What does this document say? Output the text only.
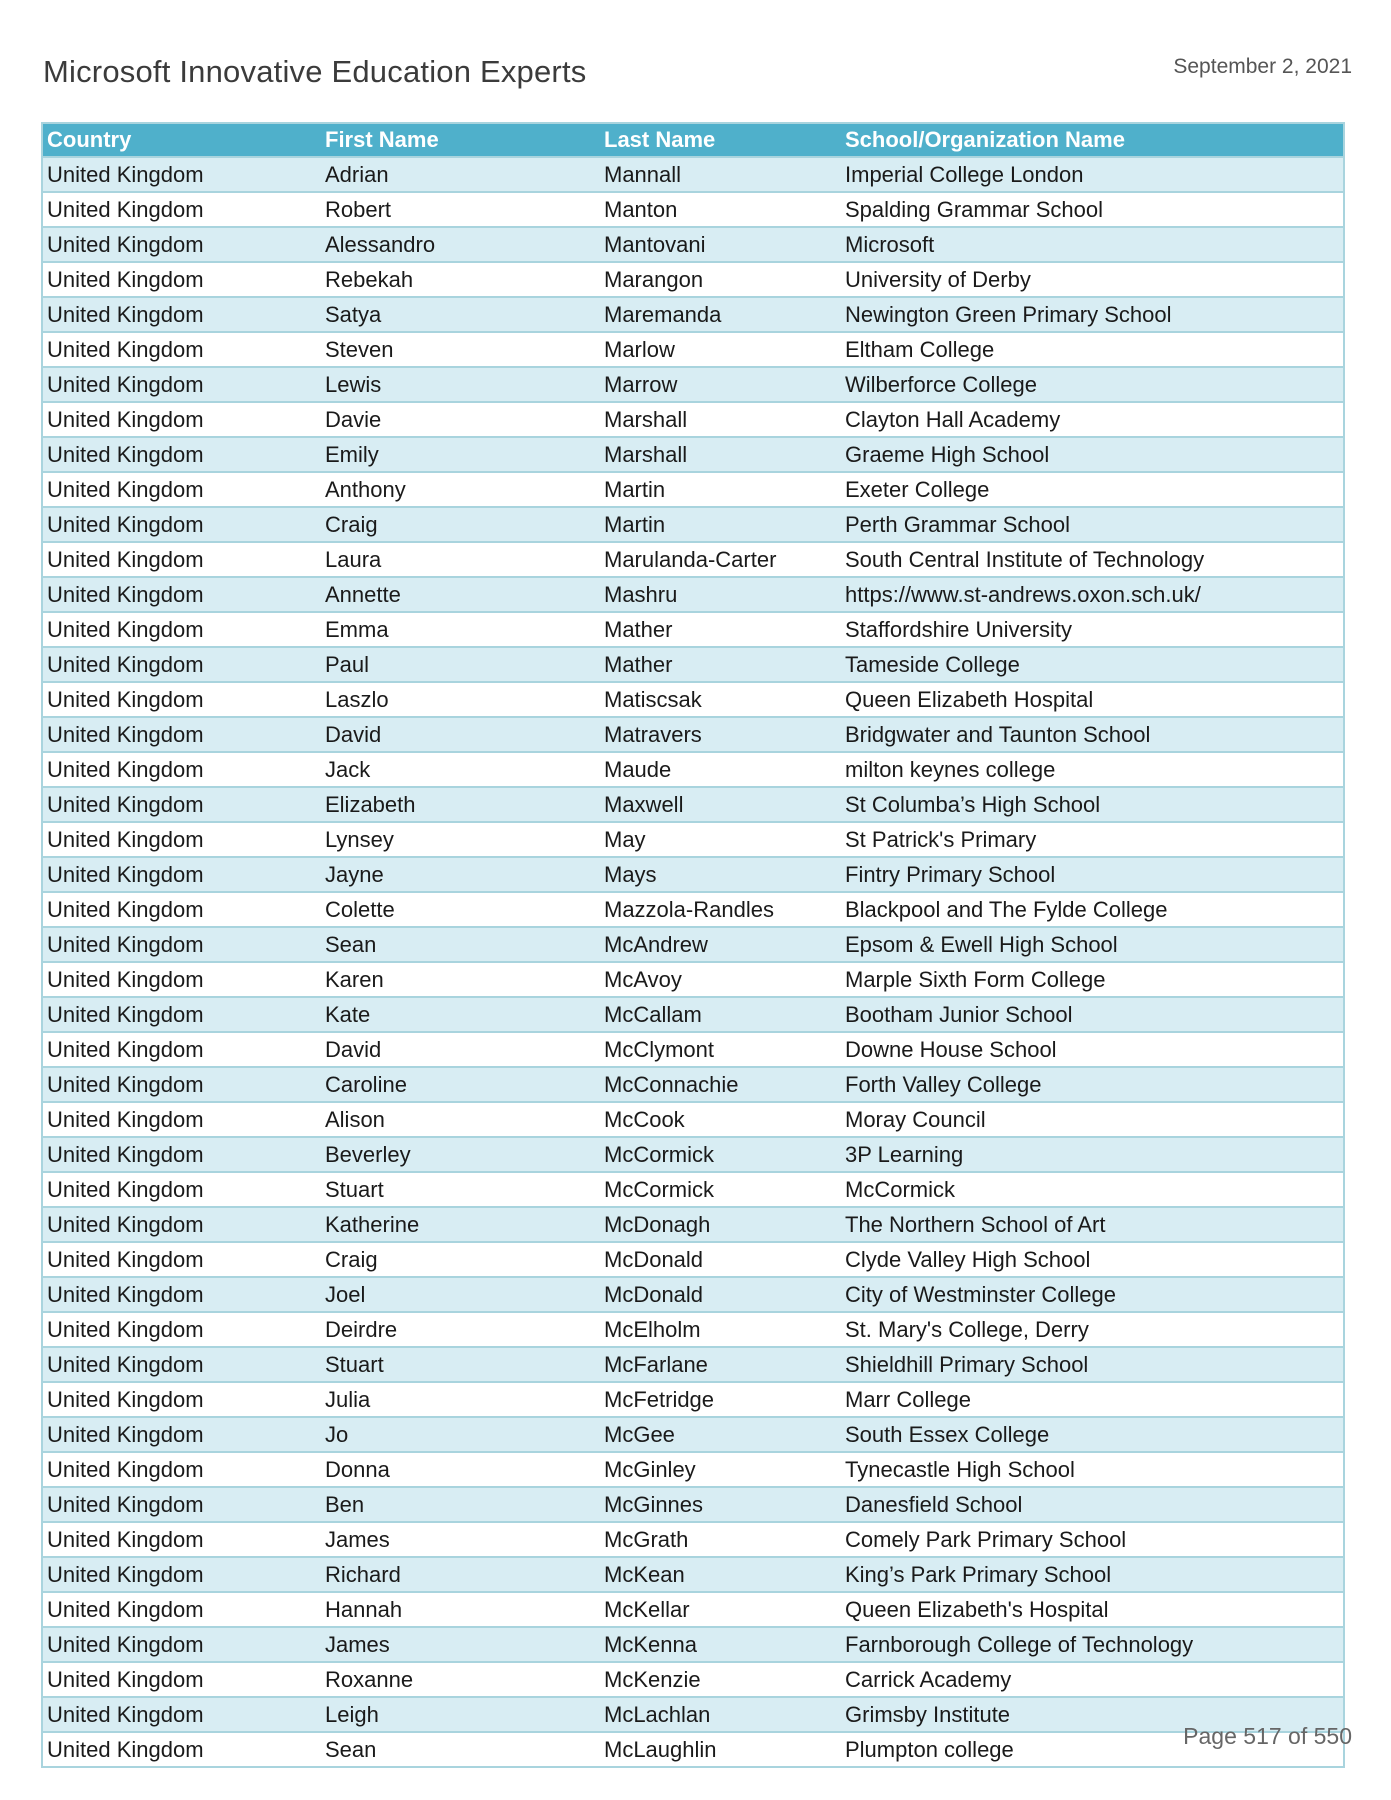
Microsoft Innovative Education Experts	September 2, 2021
Country	First Name	Last Name	School/Organization Name
United Kingdom	Adrian	Mannall	Imperial College London
United Kingdom	Robert	Manton	Spalding Grammar School
United Kingdom	Alessandro	Mantovani	Microsoft
United Kingdom	Rebekah	Marangon	University of Derby
United Kingdom	Satya	Maremanda	Newington Green Primary School
United Kingdom	Steven	Marlow	Eltham College
United Kingdom	Lewis	Marrow	Wilberforce College
United Kingdom	Davie	Marshall	Clayton Hall Academy
United Kingdom	Emily	Marshall	Graeme High School
United Kingdom	Anthony	Martin	Exeter College
United Kingdom	Craig	Martin	Perth Grammar School
United Kingdom	Laura	Marulanda-Carter	South Central Institute of Technology
United Kingdom	Annette	Mashru	https://www.st-andrews.oxon.sch.uk/
United Kingdom	Emma	Mather	Staffordshire University
United Kingdom	Paul	Mather	Tameside College
United Kingdom	Laszlo	Matiscsak	Queen Elizabeth Hospital
United Kingdom	David	Matravers	Bridgwater and Taunton School
United Kingdom	Jack	Maude	milton keynes college
United Kingdom	Elizabeth	Maxwell	St Columba’s High School
United Kingdom	Lynsey	May	St Patrick's Primary
United Kingdom	Jayne	Mays	Fintry Primary School
United Kingdom	Colette	Mazzola-Randles	Blackpool and The Fylde College
United Kingdom	Sean	McAndrew	Epsom & Ewell High School
United Kingdom	Karen	McAvoy	Marple Sixth Form College
United Kingdom	Kate	McCallam	Bootham Junior School
United Kingdom	David	McClymont	Downe House School
United Kingdom	Caroline	McConnachie	Forth Valley College
United Kingdom	Alison	McCook	Moray Council
United Kingdom	Beverley	McCormick	3P Learning
United Kingdom	Stuart	McCormick	McCormick
United Kingdom	Katherine	McDonagh	The Northern School of Art
United Kingdom	Craig	McDonald	Clyde Valley High School
United Kingdom	Joel	McDonald	City of Westminster College
United Kingdom	Deirdre	McElholm	St. Mary's College, Derry
United Kingdom	Stuart	McFarlane	Shieldhill Primary School
United Kingdom	Julia	McFetridge	Marr College
United Kingdom	Jo	McGee	South Essex College
United Kingdom	Donna	McGinley	Tynecastle High School
United Kingdom	Ben	McGinnes	Danesfield School
United Kingdom	James	McGrath	Comely Park Primary School
United Kingdom	Richard	McKean	King’s Park Primary School
United Kingdom	Hannah	McKellar	Queen Elizabeth's Hospital
United Kingdom	James	McKenna	Farnborough College of Technology
United Kingdom	Roxanne	McKenzie	Carrick Academy
United Kingdom	Leigh	McLachlan	Grimsby Institute
United Kingdom	Sean	McLaughlin	Plumpton college	Page 517 of 550
